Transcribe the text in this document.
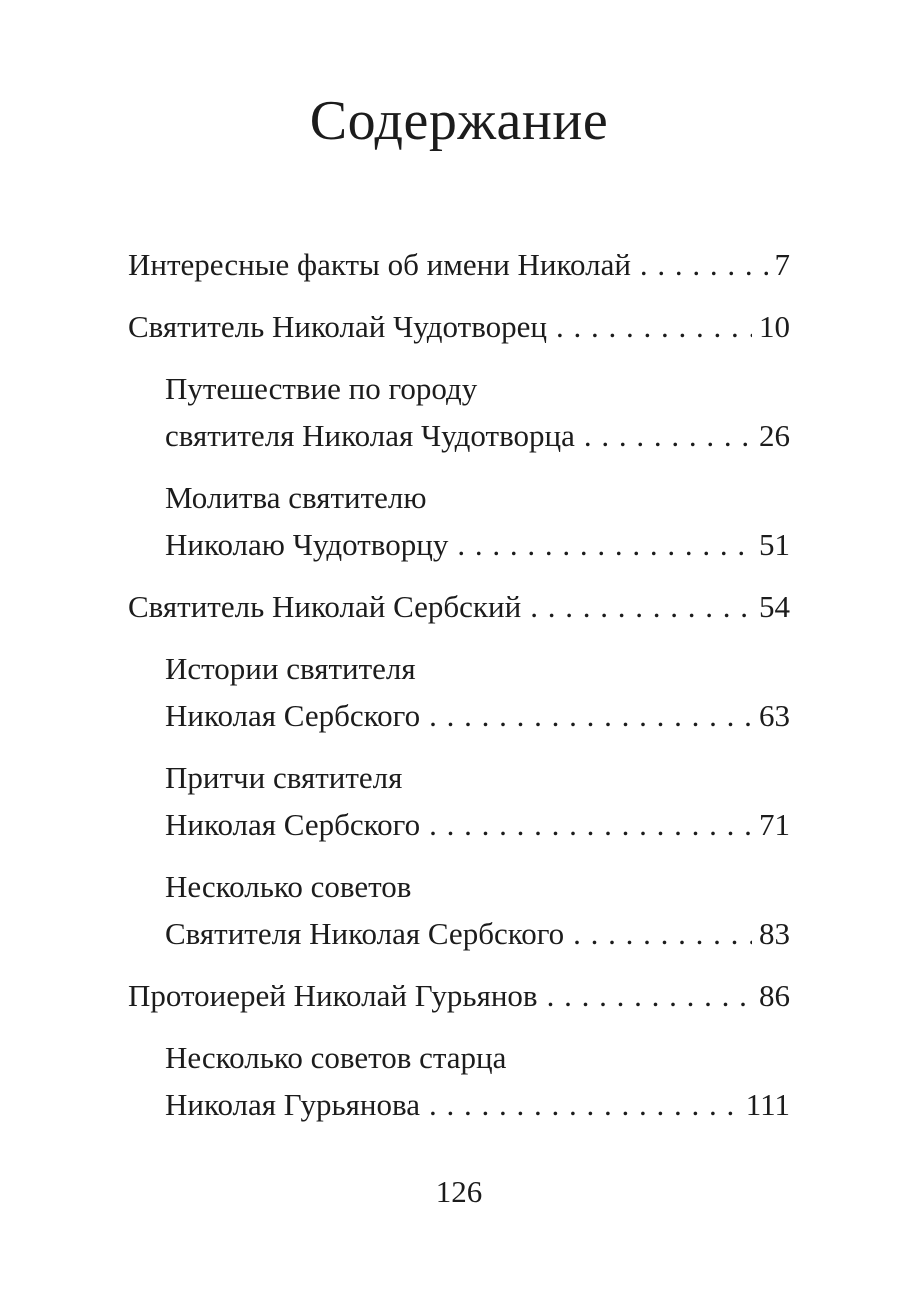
Содержание
Интересные факты об имени Николай . . .	7
Святитель Николай Чудотворец . . .	10
Путешествие по городу
святителя Николая Чудотворца . . .	26
Молитва святителю
Николаю Чудотворцу . . .	51
Святитель Николай Сербский . . .	54
Истории святителя
Николая Сербского . . .	63
Притчи святителя
Николая Сербского . . .	71
Несколько советов
Святителя Николая Сербского . . .	83
Протоиерей Николай Гурьянов . . .	86
Несколько советов старца
Николая Гурьянова . . .	111
126
